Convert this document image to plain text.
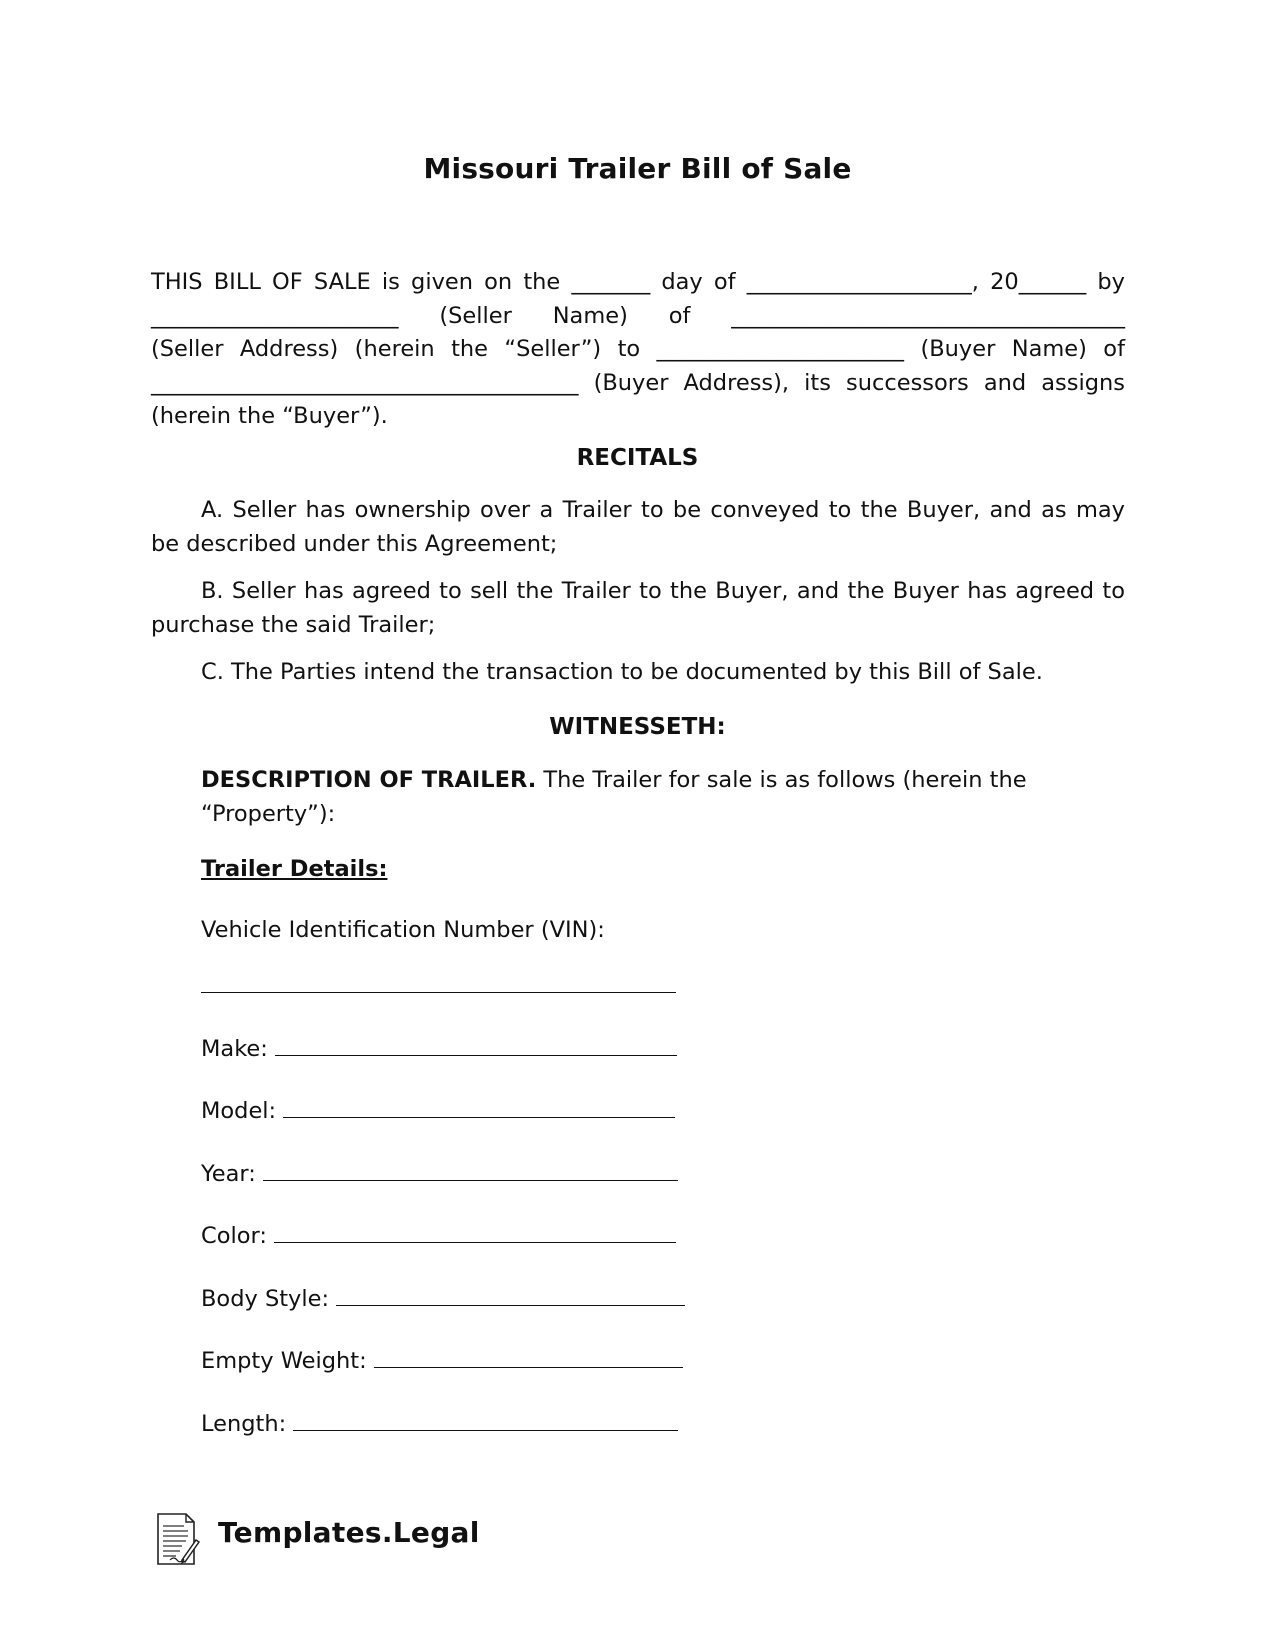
Missouri Trailer Bill of Sale
THIS BILL OF SALE is given on the _______ day of ____________________, 20______ by
______________________ (Seller Name) of ___________________________________
(Seller Address) (herein the “Seller”) to ______________________ (Buyer Name) of
______________________________________ (Buyer Address), its successors and assigns
(herein the “Buyer”).
RECITALS
A. Seller has ownership over a Trailer to be conveyed to the Buyer, and as may be described under this Agreement;
B. Seller has agreed to sell the Trailer to the Buyer, and the Buyer has agreed to purchase the said Trailer;
C. The Parties intend the transaction to be documented by this Bill of Sale.
WITNESSETH:
DESCRIPTION OF TRAILER. The Trailer for sale is as follows (herein the “Property”):
Trailer Details:
Vehicle Identification Number (VIN):
Make:
Model:
Year:
Color:
Body Style:
Empty Weight:
Length:
Templates.Legal
